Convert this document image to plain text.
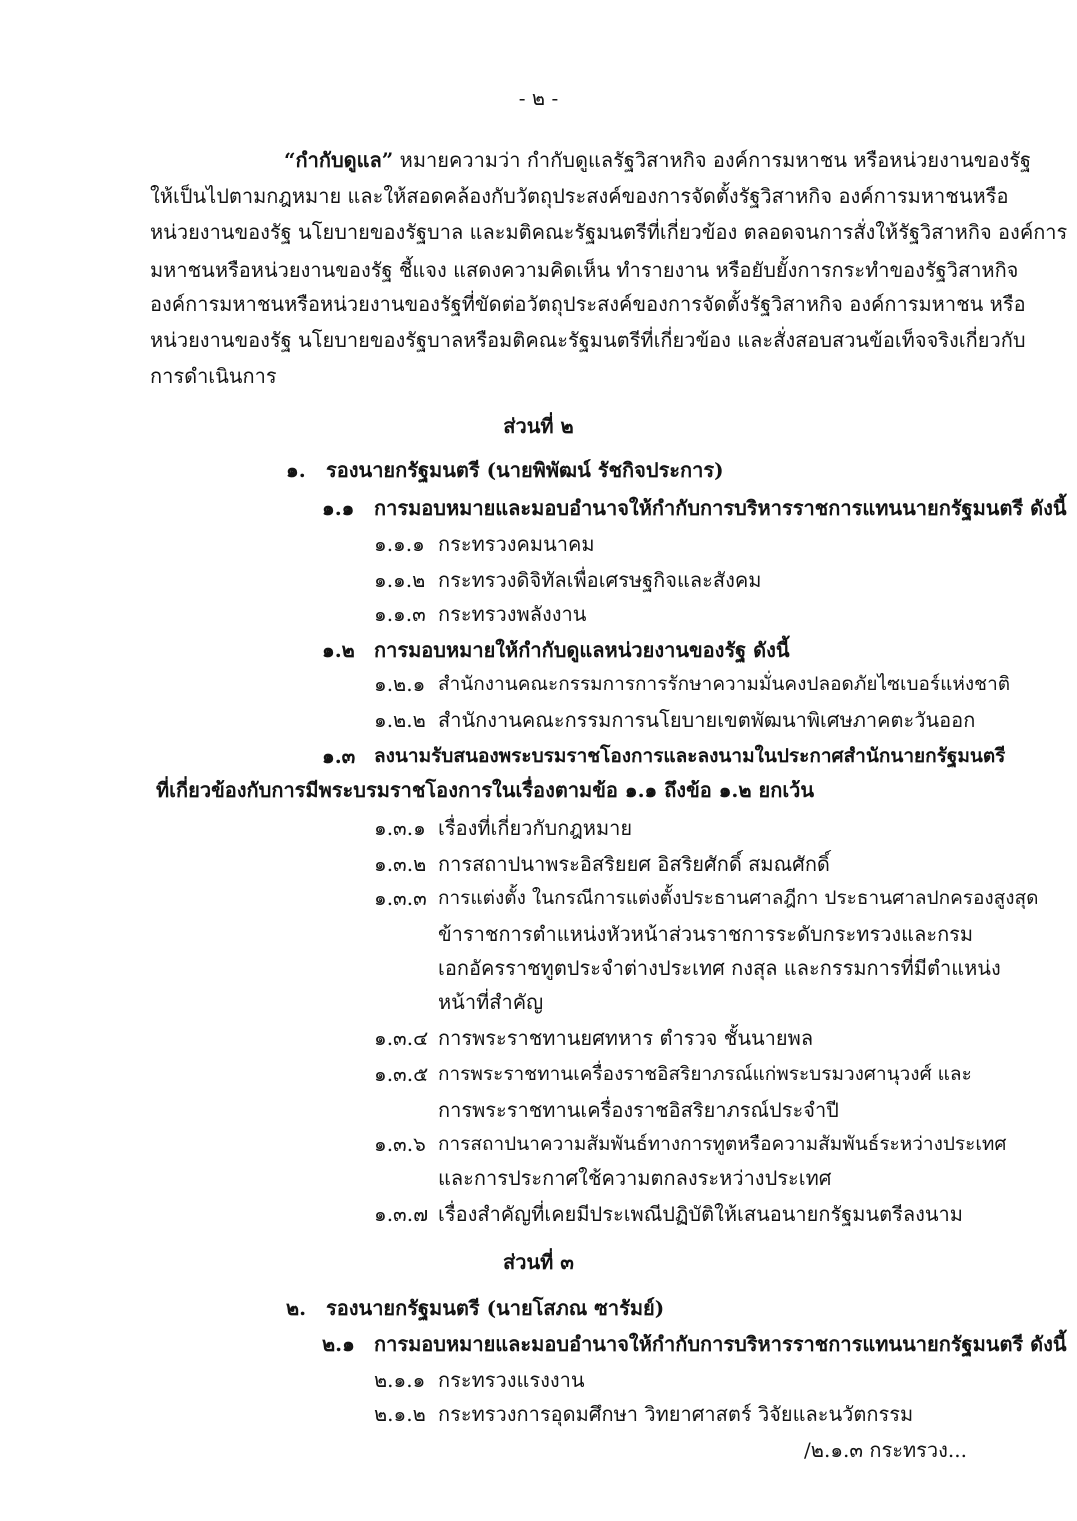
- ๒ -
“กำกับดูแล” หมายความว่า กำกับดูแลรัฐวิสาหกิจ องค์การมหาชน หรือหน่วยงานของรัฐ
ให้เป็นไปตามกฎหมาย และให้สอดคล้องกับวัตถุประสงค์ของการจัดตั้งรัฐวิสาหกิจ องค์การมหาชนหรือ
หน่วยงานของรัฐ นโยบายของรัฐบาล และมติคณะรัฐมนตรีที่เกี่ยวข้อง ตลอดจนการสั่งให้รัฐวิสาหกิจ องค์การ
มหาชนหรือหน่วยงานของรัฐ ชี้แจง แสดงความคิดเห็น ทำรายงาน หรือยับยั้งการกระทำของรัฐวิสาหกิจ
องค์การมหาชนหรือหน่วยงานของรัฐที่ขัดต่อวัตถุประสงค์ของการจัดตั้งรัฐวิสาหกิจ องค์การมหาชน หรือ
หน่วยงานของรัฐ นโยบายของรัฐบาลหรือมติคณะรัฐมนตรีที่เกี่ยวข้อง และสั่งสอบสวนข้อเท็จจริงเกี่ยวกับ
การดำเนินการ
ส่วนที่ ๒
๑. รองนายกรัฐมนตรี (นายพิพัฒน์ รัชกิจประการ)
๑.๑ การมอบหมายและมอบอำนาจให้กำกับการบริหารราชการแทนนายกรัฐมนตรี ดังนี้
๑.๑.๑ กระทรวงคมนาคม
๑.๑.๒ กระทรวงดิจิทัลเพื่อเศรษฐกิจและสังคม
๑.๑.๓ กระทรวงพลังงาน
๑.๒ การมอบหมายให้กำกับดูแลหน่วยงานของรัฐ ดังนี้
๑.๒.๑ สำนักงานคณะกรรมการการรักษาความมั่นคงปลอดภัยไซเบอร์แห่งชาติ
๑.๒.๒ สำนักงานคณะกรรมการนโยบายเขตพัฒนาพิเศษภาคตะวันออก
๑.๓ ลงนามรับสนองพระบรมราชโองการและลงนามในประกาศสำนักนายกรัฐมนตรี
ที่เกี่ยวข้องกับการมีพระบรมราชโองการในเรื่องตามข้อ ๑.๑ ถึงข้อ ๑.๒ ยกเว้น
๑.๓.๑ เรื่องที่เกี่ยวกับกฎหมาย
๑.๓.๒ การสถาปนาพระอิสริยยศ อิสริยศักดิ์ สมณศักดิ์
๑.๓.๓ การแต่งตั้ง ในกรณีการแต่งตั้งประธานศาลฎีกา ประธานศาลปกครองสูงสุด
ข้าราชการตำแหน่งหัวหน้าส่วนราชการระดับกระทรวงและกรม
เอกอัครราชทูตประจำต่างประเทศ กงสุล และกรรมการที่มีตำแหน่ง
หน้าที่สำคัญ
๑.๓.๔ การพระราชทานยศทหาร ตำรวจ ชั้นนายพล
๑.๓.๕ การพระราชทานเครื่องราชอิสริยาภรณ์แก่พระบรมวงศานุวงศ์ และ
การพระราชทานเครื่องราชอิสริยาภรณ์ประจำปี
๑.๓.๖ การสถาปนาความสัมพันธ์ทางการทูตหรือความสัมพันธ์ระหว่างประเทศ
และการประกาศใช้ความตกลงระหว่างประเทศ
๑.๓.๗ เรื่องสำคัญที่เคยมีประเพณีปฏิบัติให้เสนอนายกรัฐมนตรีลงนาม
ส่วนที่ ๓
๒. รองนายกรัฐมนตรี (นายโสภณ ซารัมย์)
๒.๑ การมอบหมายและมอบอำนาจให้กำกับการบริหารราชการแทนนายกรัฐมนตรี ดังนี้
๒.๑.๑ กระทรวงแรงงาน
๒.๑.๒ กระทรวงการอุดมศึกษา วิทยาศาสตร์ วิจัยและนวัตกรรม
/๒.๑.๓ กระทรวง...
